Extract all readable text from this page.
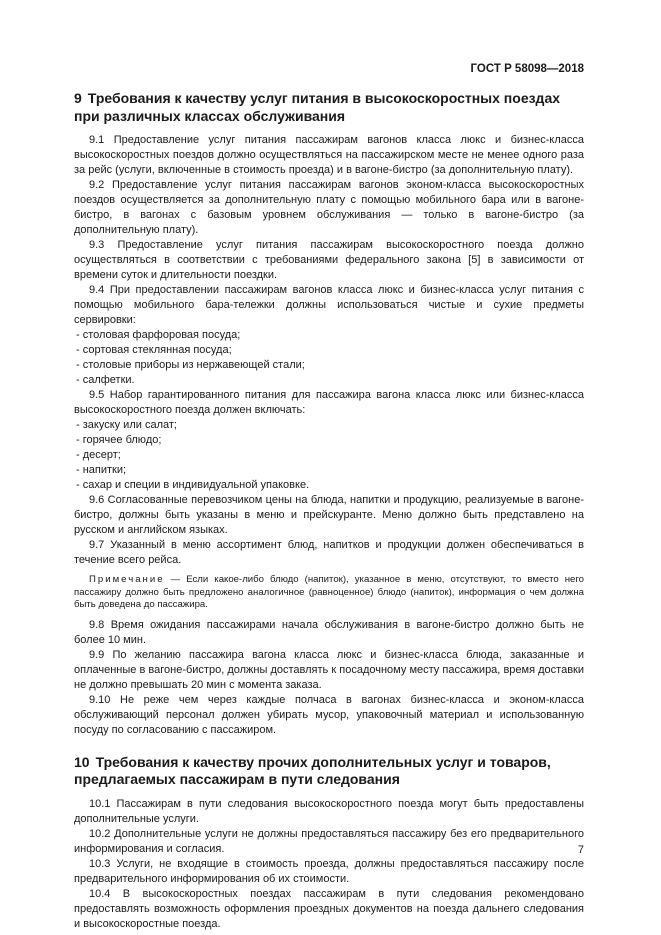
ГОСТ Р 58098—2018
9 Требования к качеству услуг питания в высокоскоростных поездах при различных классах обслуживания

9.1 Предоставление услуг питания пассажирам вагонов класса люкс и бизнес-класса высокоскоростных поездов должно осуществляться на пассажирском месте не менее одного раза за рейс (услуги, включенные в стоимость проезда) и в вагоне-бистро (за дополнительную плату).

9.2 Предоставление услуг питания пассажирам вагонов эконом-класса высокоскоростных поездов осуществляется за дополнительную плату с помощью мобильного бара или в вагоне-бистро, в вагонах с базовым уровнем обслуживания — только в вагоне-бистро (за дополнительную плату).

9.3 Предоставление услуг питания пассажирам высокоскоростного поезда должно осуществляться в соответствии с требованиями федерального закона [5] в зависимости от времени суток и длительности поездки.

9.4 При предоставлении пассажирам вагонов класса люкс и бизнес-класса услуг питания с помощью мобильного бара-тележки должны использоваться чистые и сухие предметы сервировки:

- столовая фарфоровая посуда;

- сортовая стеклянная посуда;

- столовые приборы из нержавеющей стали;

- салфетки.

9.5 Набор гарантированного питания для пассажира вагона класса люкс или бизнес-класса высокоскоростного поезда должен включать:

- закуску или салат;

- горячее блюдо;

- десерт;

- напитки;

- сахар и специи в индивидуальной упаковке.

9.6 Согласованные перевозчиком цены на блюда, напитки и продукцию, реализуемые в вагоне-бистро, должны быть указаны в меню и прейскуранте. Меню должно быть представлено на русском и английском языках.

9.7 Указанный в меню ассортимент блюд, напитков и продукции должен обеспечиваться в течение всего рейса.

Примечание — Если какое-либо блюдо (напиток), указанное в меню, отсутствуют, то вместо него пассажиру должно быть предложено аналогичное (равноценное) блюдо (напиток), информация о чем должна быть доведена до пассажира.

9.8 Время ожидания пассажирами начала обслуживания в вагоне-бистро должно быть не более 10 мин.

9.9 По желанию пассажира вагона класса люкс и бизнес-класса блюда, заказанные и оплаченные в вагоне-бистро, должны доставлять к посадочному месту пассажира, время доставки не должно превышать 20 мин с момента заказа.

9.10 Не реже чем через каждые полчаса в вагонах бизнес-класса и эконом-класса обслуживающий персонал должен убирать мусор, упаковочный материал и использованную посуду по согласованию с пассажиром.

10 Требования к качеству прочих дополнительных услуг и товаров, предлагаемых пассажирам в пути следования

10.1 Пассажирам в пути следования высокоскоростного поезда могут быть предоставлены дополнительные услуги.

10.2 Дополнительные услуги не должны предоставляться пассажиру без его предварительного информирования и согласия.

10.3 Услуги, не входящие в стоимость проезда, должны предоставляться пассажиру после предварительного информирования об их стоимости.

10.4 В высокоскоростных поездах пассажирам в пути следования рекомендовано предоставлять возможность оформления проездных документов на поезда дальнего следования и высокоскоростные поезда.

7
